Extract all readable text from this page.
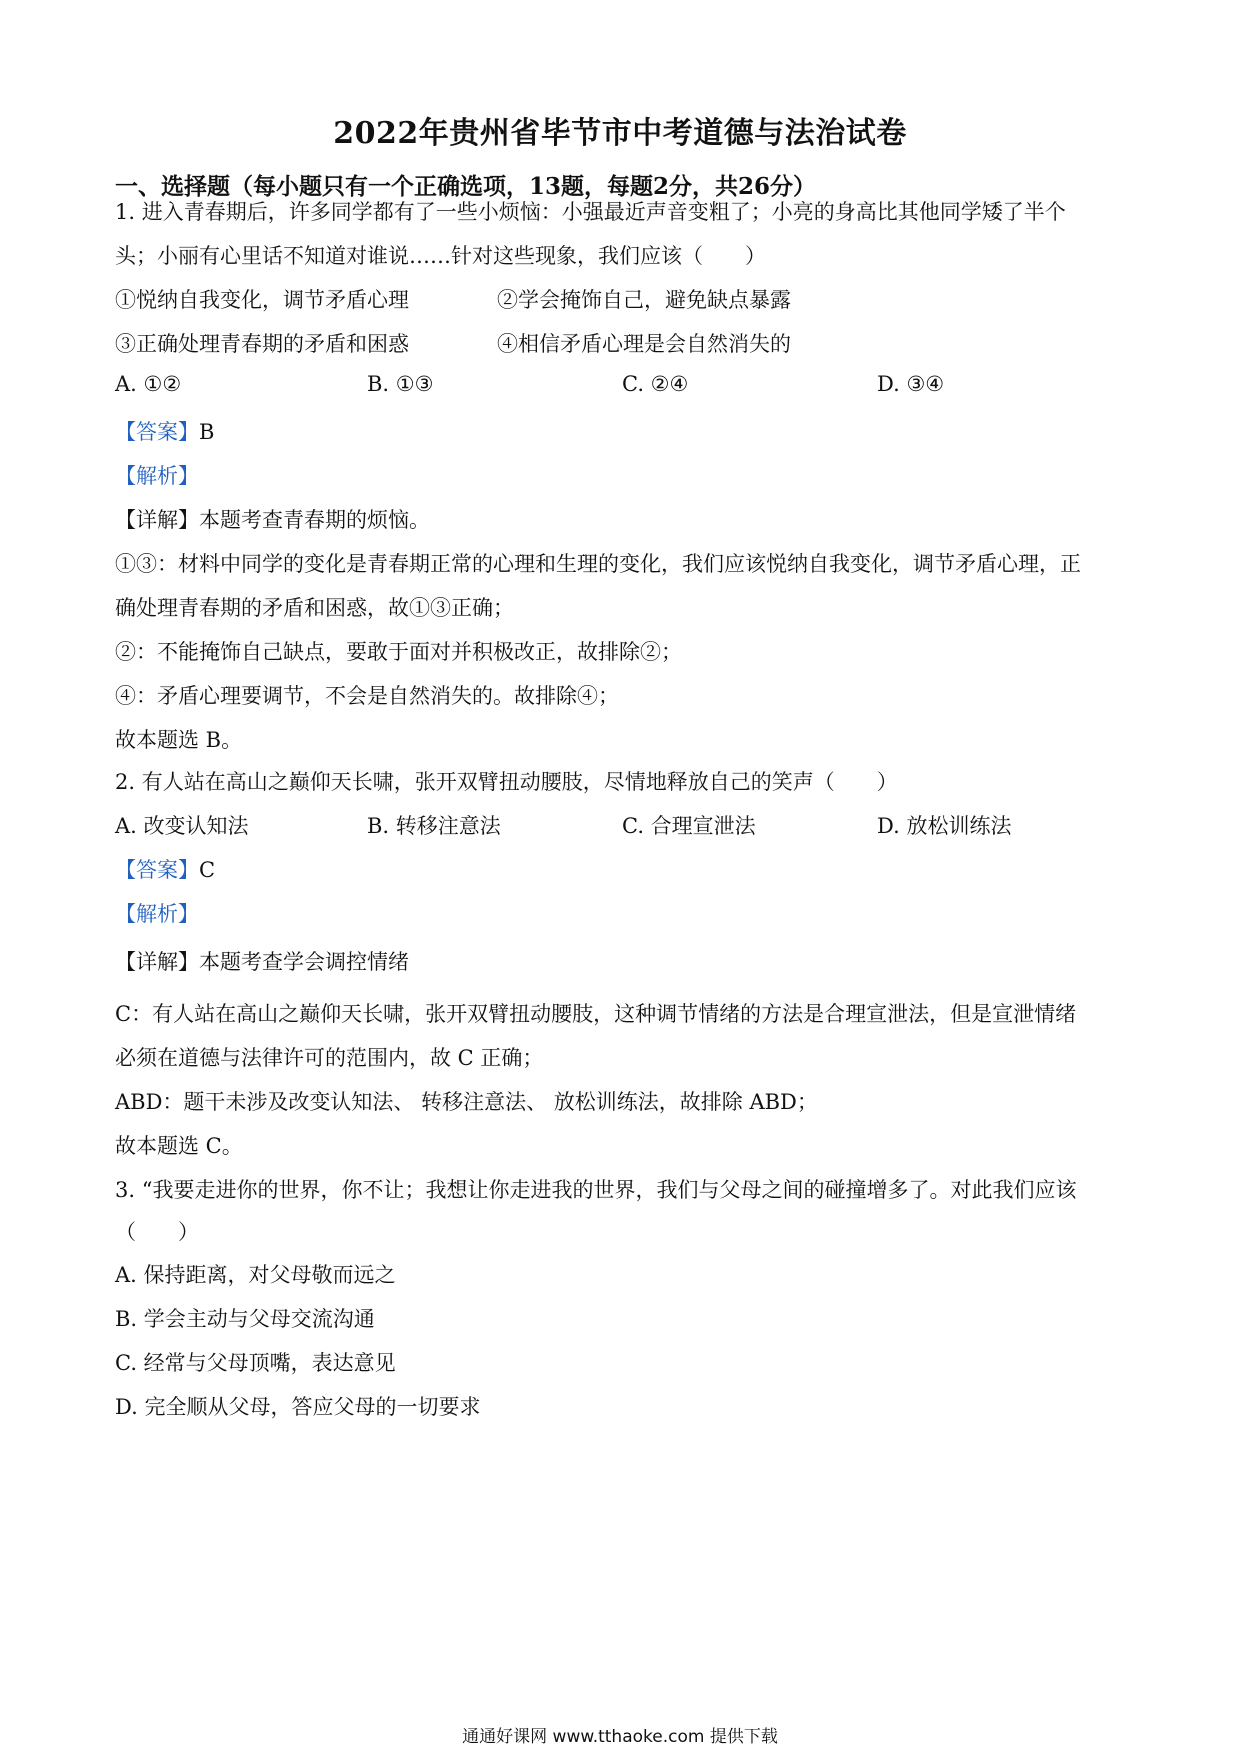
2022年贵州省毕节市中考道德与法治试卷
一、选择题（每小题只有一个正确选项，13题，每题2分，共26分）
1. 进入青春期后，许多同学都有了一些小烦恼：小强最近声音变粗了；小亮的身高比其他同学矮了半个
头；小丽有心里话不知道对谁说……针对这些现象，我们应该（　　）
①悦纳自我变化，调节矛盾心理	②学会掩饰自己，避免缺点暴露
③正确处理青春期的矛盾和困惑	④相信矛盾心理是会自然消失的
A. ①②	B. ①③	C. ②④	D. ③④
【答案】B
【解析】
【详解】本题考查青春期的烦恼。
①③：材料中同学的变化是青春期正常的心理和生理的变化，我们应该悦纳自我变化，调节矛盾心理，正
确处理青春期的矛盾和困惑，故①③正确；
②：不能掩饰自己缺点，要敢于面对并积极改正，故排除②；
④：矛盾心理要调节，不会是自然消失的。故排除④；
故本题选 B。
2. 有人站在高山之巅仰天长啸，张开双臂扭动腰肢，尽情地释放自己的笑声（　　）
A. 改变认知法	B. 转移注意法	C. 合理宣泄法	D. 放松训练法
【答案】C
【解析】
【详解】本题考查学会调控情绪
C：有人站在高山之巅仰天长啸，张开双臂扭动腰肢，这种调节情绪的方法是合理宣泄法，但是宣泄情绪
必须在道德与法律许可的范围内，故 C 正确；
ABD：题干未涉及改变认知法、 转移注意法、 放松训练法，故排除 ABD；
故本题选 C。
3. “我要走进你的世界，你不让；我想让你走进我的世界，我们与父母之间的碰撞增多了。对此我们应该
（　　）
A. 保持距离，对父母敬而远之
B. 学会主动与父母交流沟通
C. 经常与父母顶嘴，表达意见
D. 完全顺从父母，答应父母的一切要求
通通好课网 www.tthaoke.com 提供下载
